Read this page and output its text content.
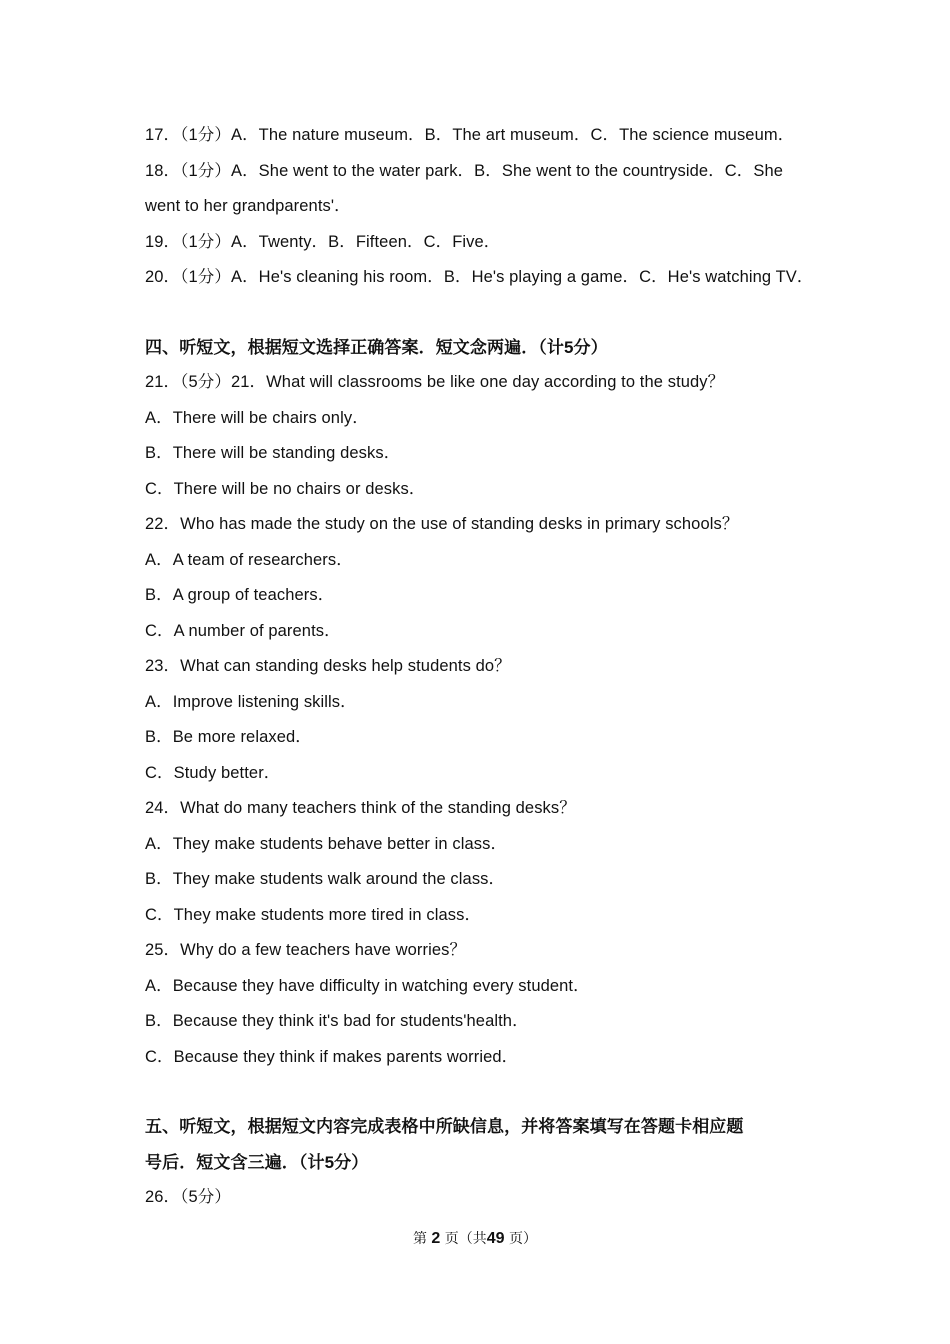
17．（1分）A．The nature museum．B．The art museum．C．The science museum．
18．（1分）A．She went to the water park．B．She went to the countryside．C．She
went to her grandparents'．
19．（1分）A．Twenty．B．Fifteen．C．Five．
20．（1分）A．He's cleaning his room．B．He's playing a game．C．He's watching TV．
四、听短文，根据短文选择正确答案．短文念两遍．（计5分）
21．（5分）21．What will classrooms be like one day according to the study？
A．There will be chairs only．
B．There will be standing desks．
C．There will be no chairs or desks．
22．Who has made the study on the use of standing desks in primary schools？
A．A team of researchers．
B．A group of teachers．
C．A number of parents．
23．What can standing desks help students do？
A．Improve listening skills．
B．Be more relaxed．
C．Study better．
24．What do many teachers think of the standing desks？
A．They make students behave better in class．
B．They make students walk around the class．
C．They make students more tired in class．
25．Why do a few teachers have worries？
A．Because they have difficulty in watching every student．
B．Because they think it's bad for students'health．
C．Because they think if makes parents worried．
五、听短文，根据短文内容完成表格中所缺信息，并将答案填写在答题卡相应题
号后．短文含三遍．（计5分）
26．（5分）
第 2 页（共49 页）
